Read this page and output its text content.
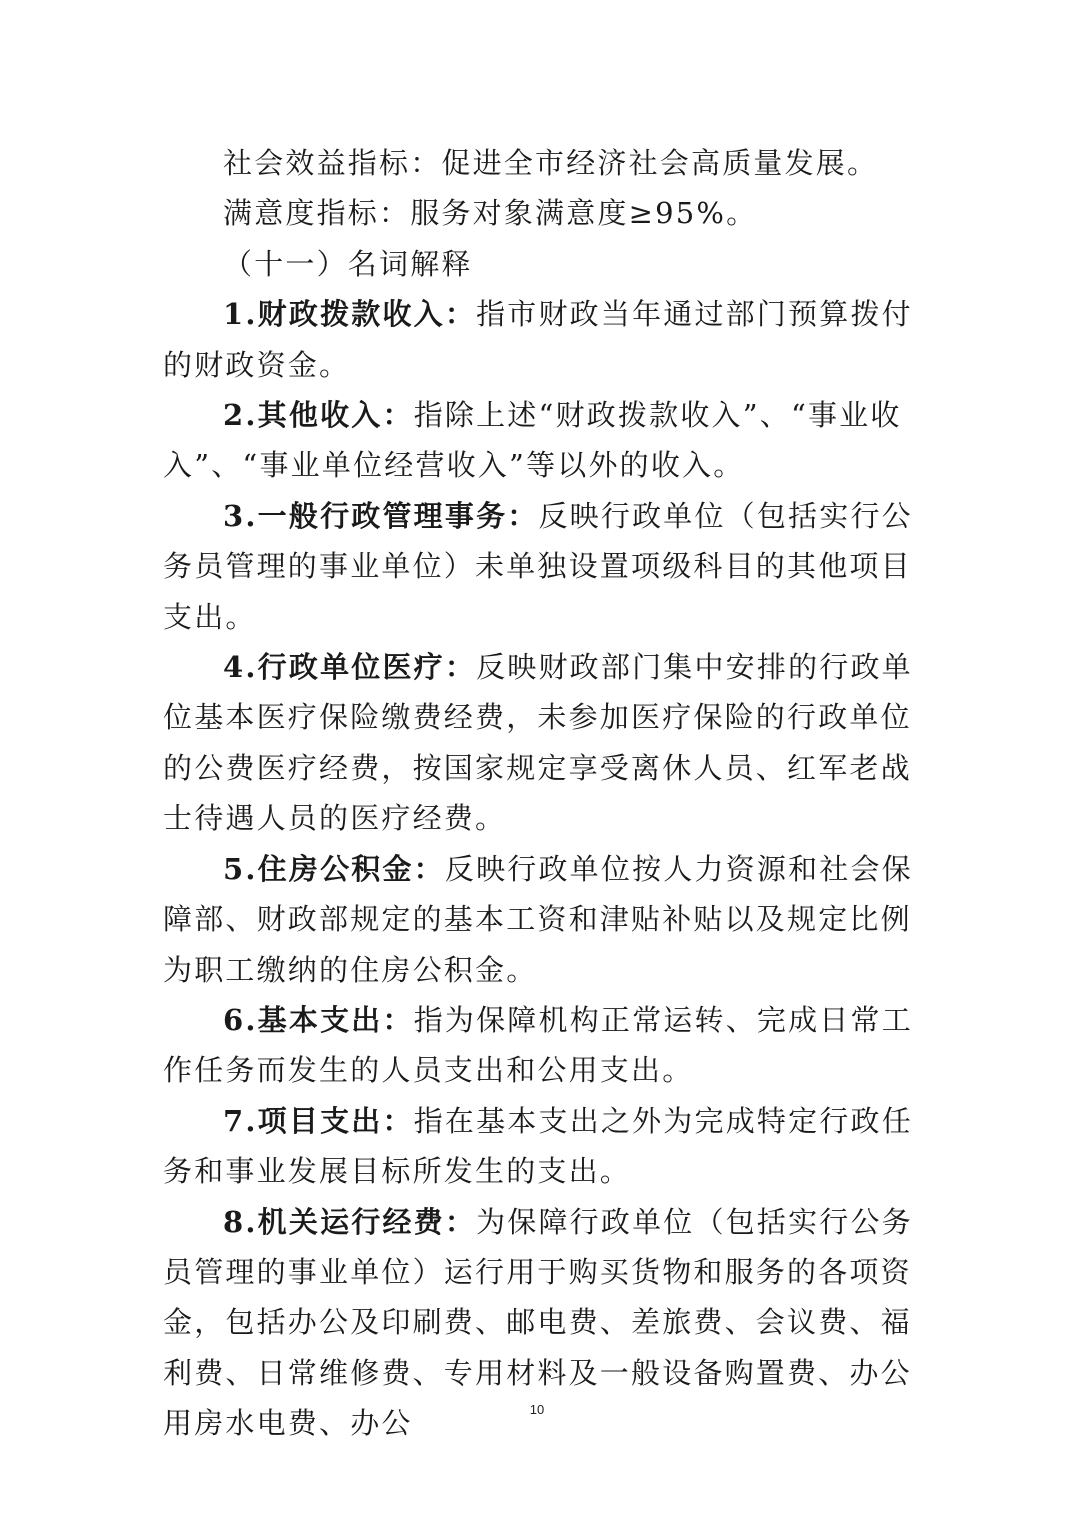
社会效益指标：促进全市经济社会高质量发展。

满意度指标：服务对象满意度≥95%。

（十一）名词解释

1.财政拨款收入：指市财政当年通过部门预算拨付的财政资金。

2.其他收入：指除上述“财政拨款收入”、“事业收入”、“事业单位经营收入”等以外的收入。

3.一般行政管理事务：反映行政单位（包括实行公务员管理的事业单位）未单独设置项级科目的其他项目支出。

4.行政单位医疗：反映财政部门集中安排的行政单位基本医疗保险缴费经费，未参加医疗保险的行政单位的公费医疗经费，按国家规定享受离休人员、红军老战士待遇人员的医疗经费。

5.住房公积金：反映行政单位按人力资源和社会保障部、财政部规定的基本工资和津贴补贴以及规定比例为职工缴纳的住房公积金。

6.基本支出：指为保障机构正常运转、完成日常工作任务而发生的人员支出和公用支出。

7.项目支出：指在基本支出之外为完成特定行政任务和事业发展目标所发生的支出。

8.机关运行经费：为保障行政单位（包括实行公务员管理的事业单位）运行用于购买货物和服务的各项资金，包括办公及印刷费、邮电费、差旅费、会议费、福利费、日常维修费、专用材料及一般设备购置费、办公用房水电费、办公	10
